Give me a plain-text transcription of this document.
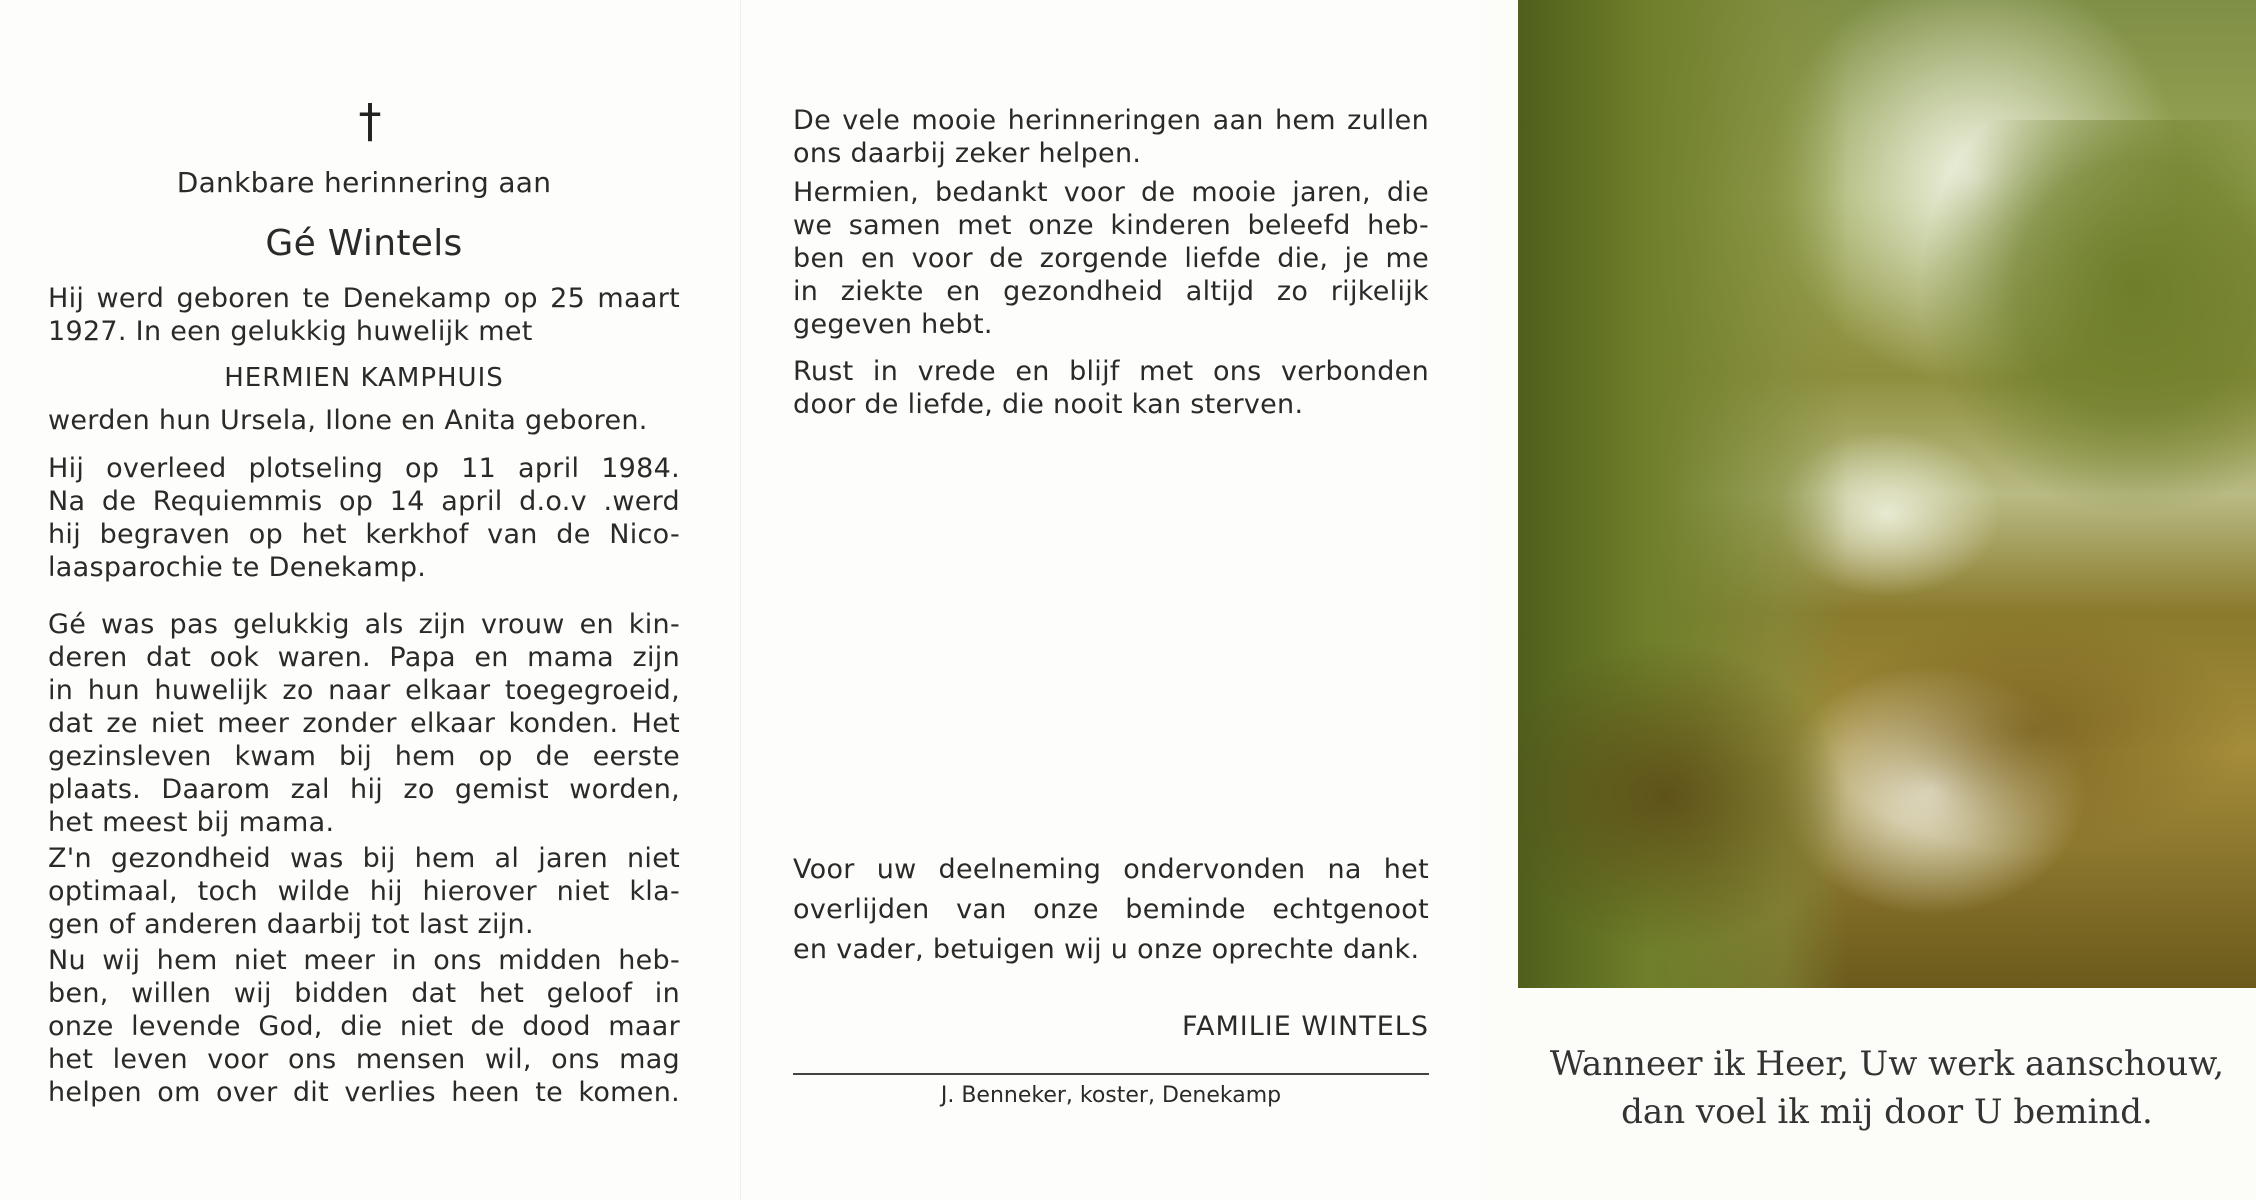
†
Dankbare herinnering aan
Gé Wintels
Hij werd geboren te Denekamp op 25 maart
1927. In een gelukkig huwelijk met
HERMIEN KAMPHUIS
werden hun Ursela, Ilone en Anita geboren.
Hij overleed plotseling op 11 april 1984.
Na de Requiemmis op 14 april d.o.v .werd
hij begraven op het kerkhof van de Nico-
laasparochie te Denekamp.
Gé was pas gelukkig als zijn vrouw en kin-
deren dat ook waren. Papa en mama zijn
in hun huwelijk zo naar elkaar toegegroeid,
dat ze niet meer zonder elkaar konden. Het
gezinsleven kwam bij hem op de eerste
plaats. Daarom zal hij zo gemist worden,
het meest bij mama.
Z'n gezondheid was bij hem al jaren niet
optimaal, toch wilde hij hierover niet kla-
gen of anderen daarbij tot last zijn.
Nu wij hem niet meer in ons midden heb-
ben, willen wij bidden dat het geloof in
onze levende God, die niet de dood maar
het leven voor ons mensen wil, ons mag
helpen om over dit verlies heen te komen.
De vele mooie herinneringen aan hem zullen
ons daarbij zeker helpen.
Hermien, bedankt voor de mooie jaren, die
we samen met onze kinderen beleefd heb-
ben en voor de zorgende liefde die, je me
in ziekte en gezondheid altijd zo rijkelijk
gegeven hebt.
Rust in vrede en blijf met ons verbonden
door de liefde, die nooit kan sterven.
Voor uw deelneming ondervonden na het
overlijden van onze beminde echtgenoot
en vader, betuigen wij u onze oprechte dank.
FAMILIE WINTELS
J. Benneker, koster, Denekamp
Wanneer ik Heer, Uw werk aanschouw,
dan voel ik mij door U bemind.
